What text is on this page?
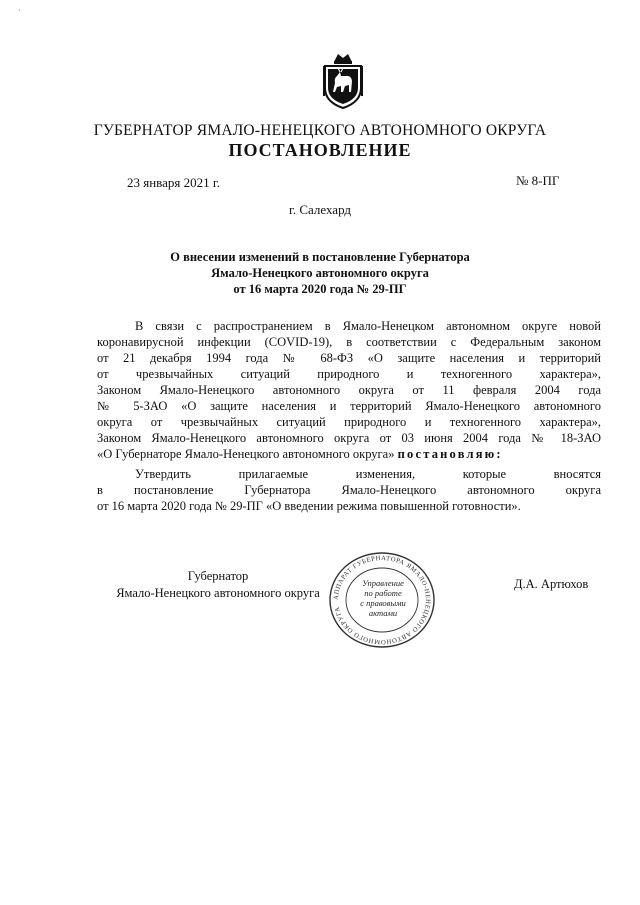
·
ГУБЕРНАТОР ЯМАЛО-НЕНЕЦКОГО АВТОНОМНОГО ОКРУГА
ПОСТАНОВЛЕНИЕ
23 января 2021 г.	№ 8-ПГ
г. Салехард
О внесении изменений в постановление Губернатора
Ямало-Ненецкого автономного округа
от 16 марта 2020 года № 29-ПГ
В связи с распространением в Ямало-Ненецком автономном округе новой
коронавирусной инфекции (COVID-19), в соответствии с Федеральным законом
от 21 декабря 1994 года № 68-ФЗ «О защите населения и территорий
от чрезвычайных ситуаций природного и техногенного характера»,
Законом Ямало-Ненецкого автономного округа от 11 февраля 2004 года
№ 5-ЗАО «О защите населения и территорий Ямало-Ненецкого автономного
округа от чрезвычайных ситуаций природного и техногенного характера»,
Законом Ямало-Ненецкого автономного округа от 03 июня 2004 года № 18-ЗАО
«О Губернаторе Ямало-Ненецкого автономного округа» постановляю:
Утвердить прилагаемые изменения, которые вносятся
в постановление Губернатора Ямало-Ненецкого автономного округа
от 16 марта 2020 года № 29-ПГ «О введении режима повышенной готовности».
Губернатор
Ямало-Ненецкого автономного округа
Д.А. Артюхов
АППАРАТ ГУБЕРНАТОРА ЯМАЛО-НЕНЕЦКОГО АВТОНОМНОГО ОКРУГА
Управление
по работе
с правовыми
актами
